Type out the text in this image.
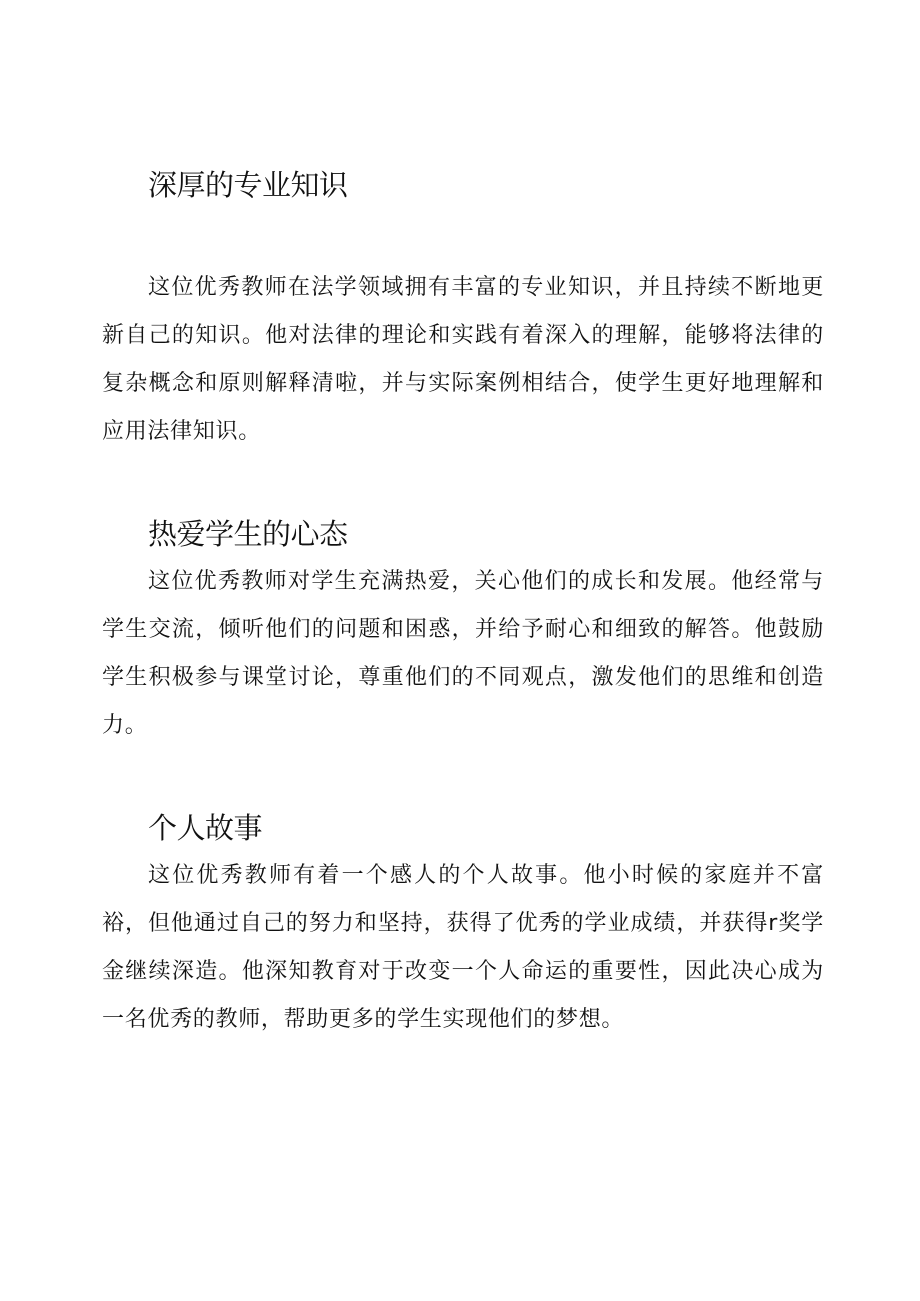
深厚的专业知识

这位优秀教师在法学领域拥有丰富的专业知识，并且持续不断地更新自己的知识。他对法律的理论和实践有着深入的理解，能够将法律的复杂概念和原则解释清啦，并与实际案例相结合，使学生更好地理解和应用法律知识。

热爱学生的心态

这位优秀教师对学生充满热爱，关心他们的成长和发展。他经常与学生交流，倾听他们的问题和困惑，并给予耐心和细致的解答。他鼓励学生积极参与课堂讨论，尊重他们的不同观点，激发他们的思维和创造力。

个人故事

这位优秀教师有着一个感人的个人故事。他小时候的家庭并不富裕，但他通过自己的努力和坚持，获得了优秀的学业成绩，并获得r奖学金继续深造。他深知教育对于改变一个人命运的重要性，因此决心成为一名优秀的教师，帮助更多的学生实现他们的梦想。
